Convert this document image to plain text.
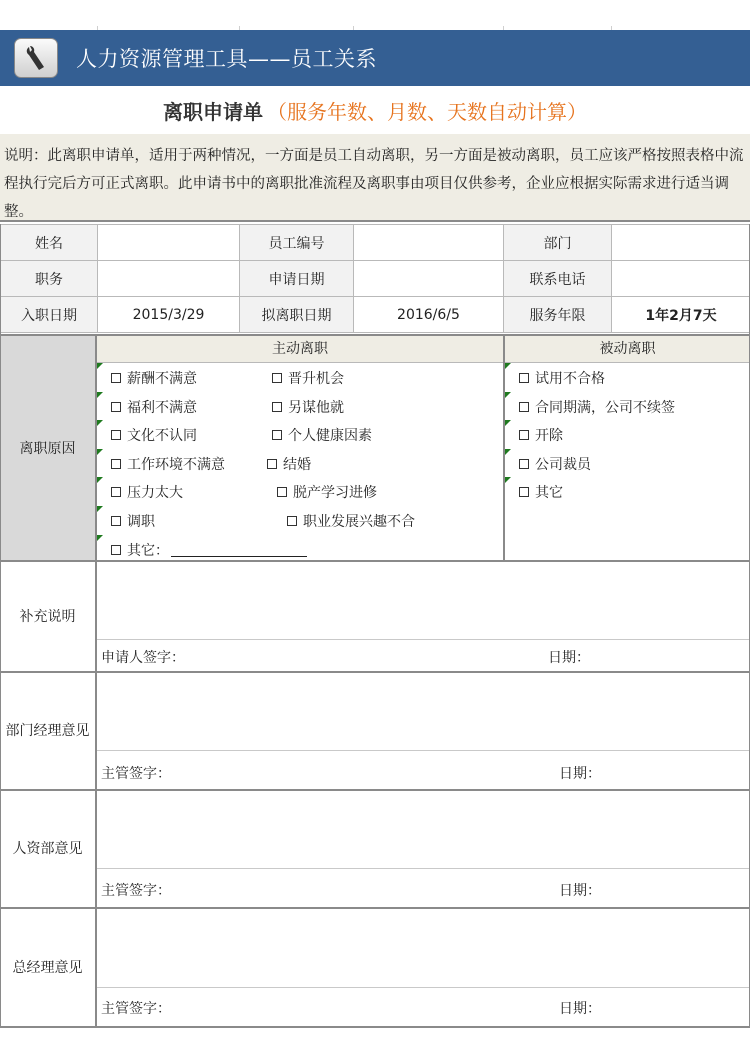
人力资源管理工具——员工关系
离职申请单 （服务年数、月数、天数自动计算）
说明：此离职申请单，适用于两种情况，一方面是员工自动离职，另一方面是被动离职，员工应该严格按照表格中流程执行完后方可正式离职。此申请书中的离职批准流程及离职事由项目仅供参考，企业应根据实际需求进行适当调整。
姓名		员工编号		部门	
职务		申请日期		联系电话	
入职日期	2015/3/29	拟离职日期	2016/6/5	服务年限	1年2月7天
离职原因
主动离职
薪酬不满意	晋升机会
福利不满意	另谋他就
文化不认同	个人健康因素
工作环境不满意	结婚
压力太大	脱产学习进修
调职	职业发展兴趣不合
其它：
被动离职
试用不合格
合同期满，公司不续签
开除
公司裁员
其它
补充说明
申请人签字：	日期：
部门经理意见
主管签字：	日期：
人资部意见
主管签字：	日期：
总经理意见
主管签字：	日期：
